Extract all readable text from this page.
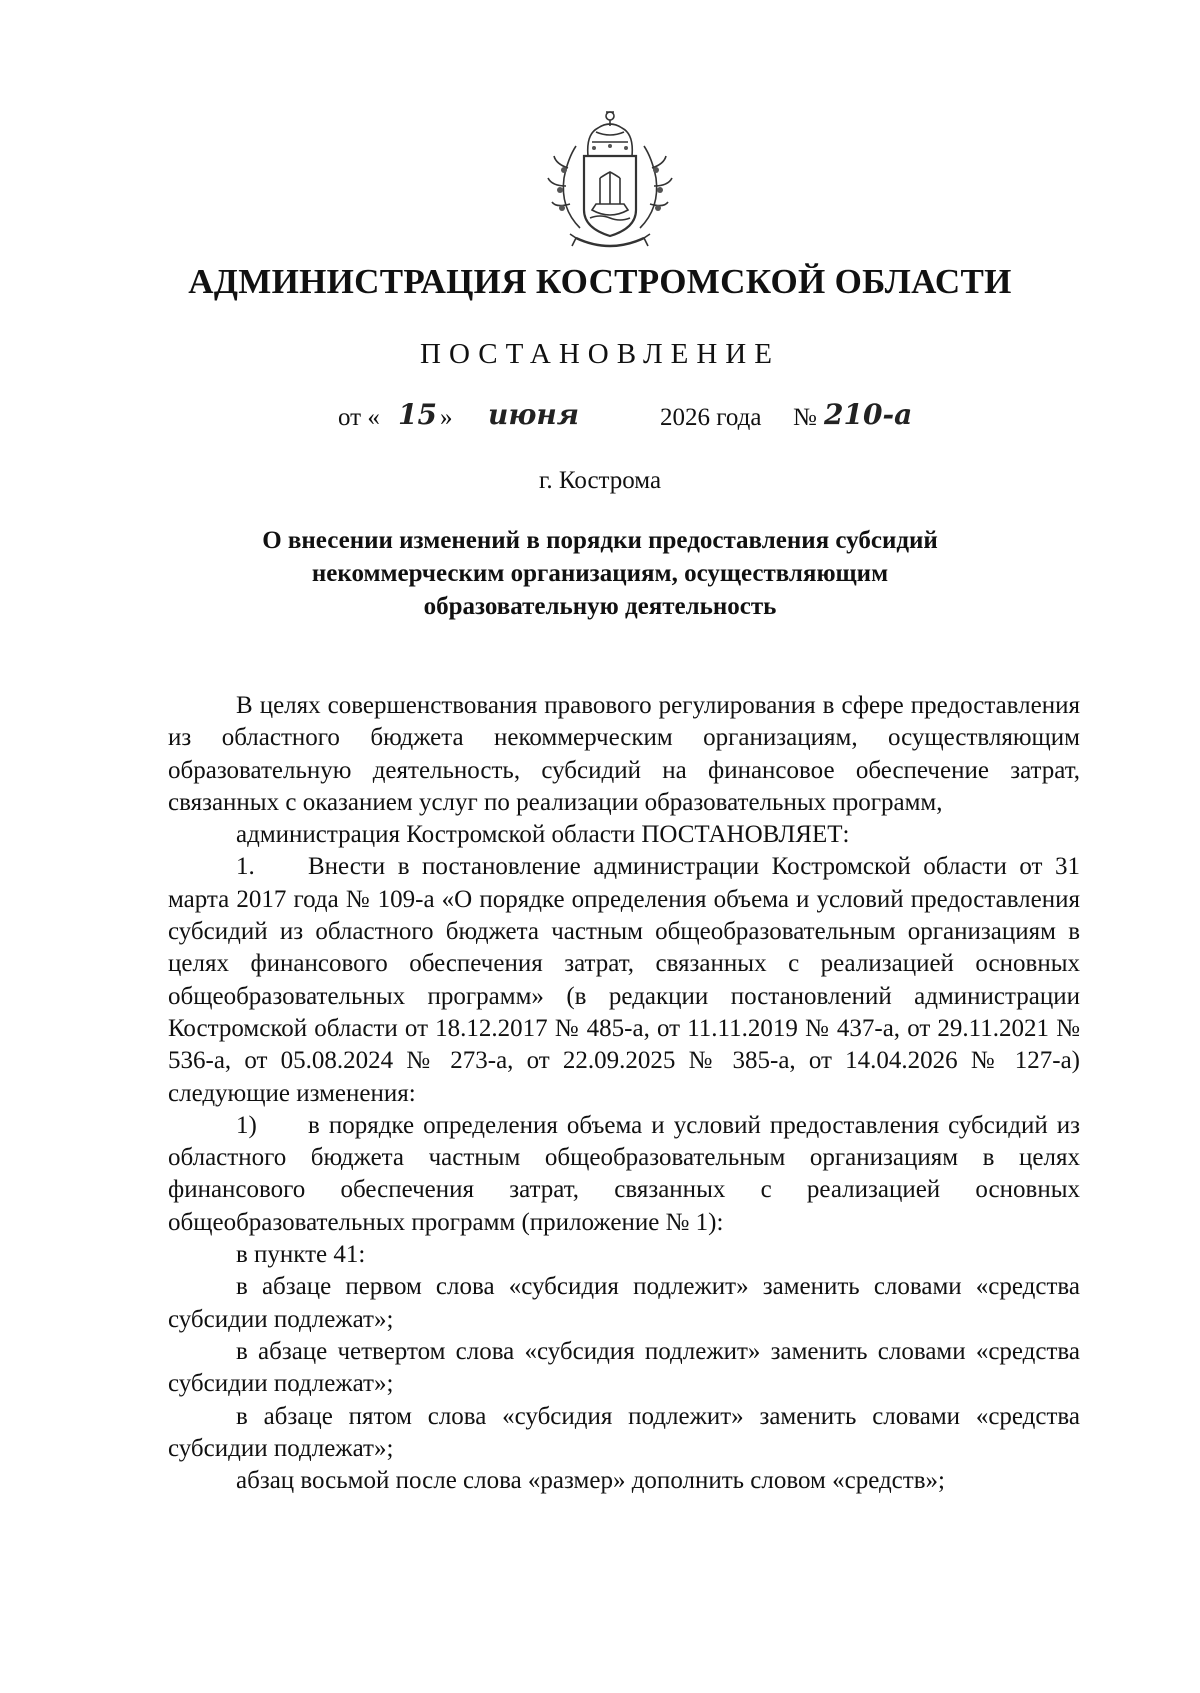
АДМИНИСТРАЦИЯ КОСТРОМСКОЙ ОБЛАСТИ
ПОСТАНОВЛЕНИЕ
от « 15 » июня	2026 года № 210-а
г. Кострома
О внесении изменений в порядки предоставления субсидий
некоммерческим организациям, осуществляющим
образовательную деятельность

В целях совершенствования правового регулирования в сфере предоставления из областного бюджета некоммерческим организациям, осуществляющим образовательную деятельность, субсидий на финансовое обеспечение затрат, связанных с оказанием услуг по реализации образовательных программ,

администрация Костромской области ПОСТАНОВЛЯЕТ:

1. Внести в постановление администрации Костромской области от 31 марта 2017 года № 109-а «О порядке определения объема и условий предоставления субсидий из областного бюджета частным общеобразовательным организациям в целях финансового обеспечения затрат, связанных с реализацией основных общеобразовательных программ» (в редакции постановлений администрации Костромской области от 18.12.2017 № 485-а, от 11.11.2019 № 437-а, от 29.11.2021 № 536-а, от 05.08.2024 № 273-а, от 22.09.2025 № 385-а, от 14.04.2026 № 127-а) следующие изменения:

1) в порядке определения объема и условий предоставления субсидий из областного бюджета частным общеобразовательным организациям в целях финансового обеспечения затрат, связанных с реализацией основных общеобразовательных программ (приложение № 1):

в пункте 41:

в абзаце первом слова «субсидия подлежит» заменить словами «средства субсидии подлежат»;

в абзаце четвертом слова «субсидия подлежит» заменить словами «средства субсидии подлежат»;

в абзаце пятом слова «субсидия подлежит» заменить словами «средства субсидии подлежат»;

абзац восьмой после слова «размер» дополнить словом «средств»;
